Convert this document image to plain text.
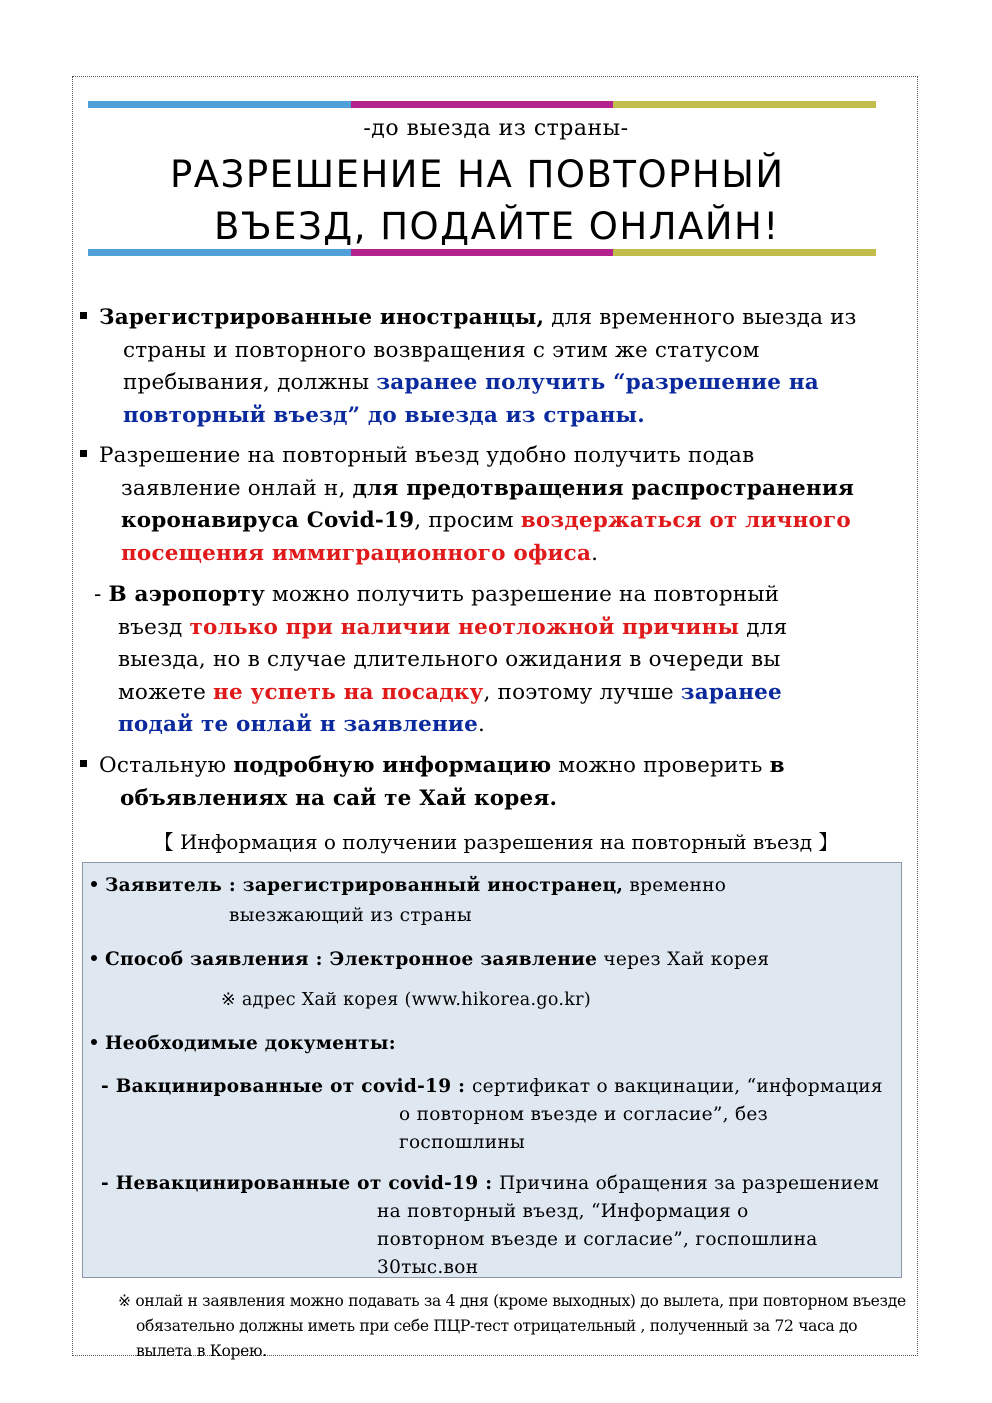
-до выезда из страны-
РАЗРЕШЕНИЕ НА ПОВТОРНЫЙ
ВЪЕЗД, ПОДАЙТЕ ОНЛАЙН!
Зарегистрированные иностранцы, для временного выезда из
страны и повторного возвращения с этим же статусом
пребывания, должны заранее получить “разрешение на
повторный въезд” до выезда из страны.
Разрешение на повторный въезд удобно получить подав
заявление онлай н, для предотвращения распространения
коронавируса Covid-19, просим воздержаться от личного
посещения иммиграционного офиса.
- В аэропорту можно получить разрешение на повторный
въезд только при наличии неотложной причины для
выезда, но в случае длительного ожидания в очереди вы
можете не успеть на посадку, поэтому лучше заранее
подай те онлай н заявление.
Остальную подробную информацию можно проверить в
объявлениях на сай те Хай корея.
【 Информация о получении разрешения на повторный въезд 】
Заявитель : зарегистрированный иностранец, временно
выезжающий из страны
Способ заявления : Электронное заявление через Хай корея
※ адрес Хай корея (www.hikorea.go.kr)
Необходимые документы:
- Вакцинированные от covid-19 : сертификат о вакцинации, “информация
о повторном въезде и согласие”, без
госпошлины
- Невакцинированные от covid-19 : Причина обращения за разрешением
на повторный въезд, “Информация о
повторном въезде и согласие”, госпошлина
30тыс.вон
※ онлай н заявления можно подавать за 4 дня (кроме выходных) до вылета, при повторном въезде
обязательно должны иметь при себе ПЦР-тест отрицательный , полученный за 72 часа до
вылета в Корею.
